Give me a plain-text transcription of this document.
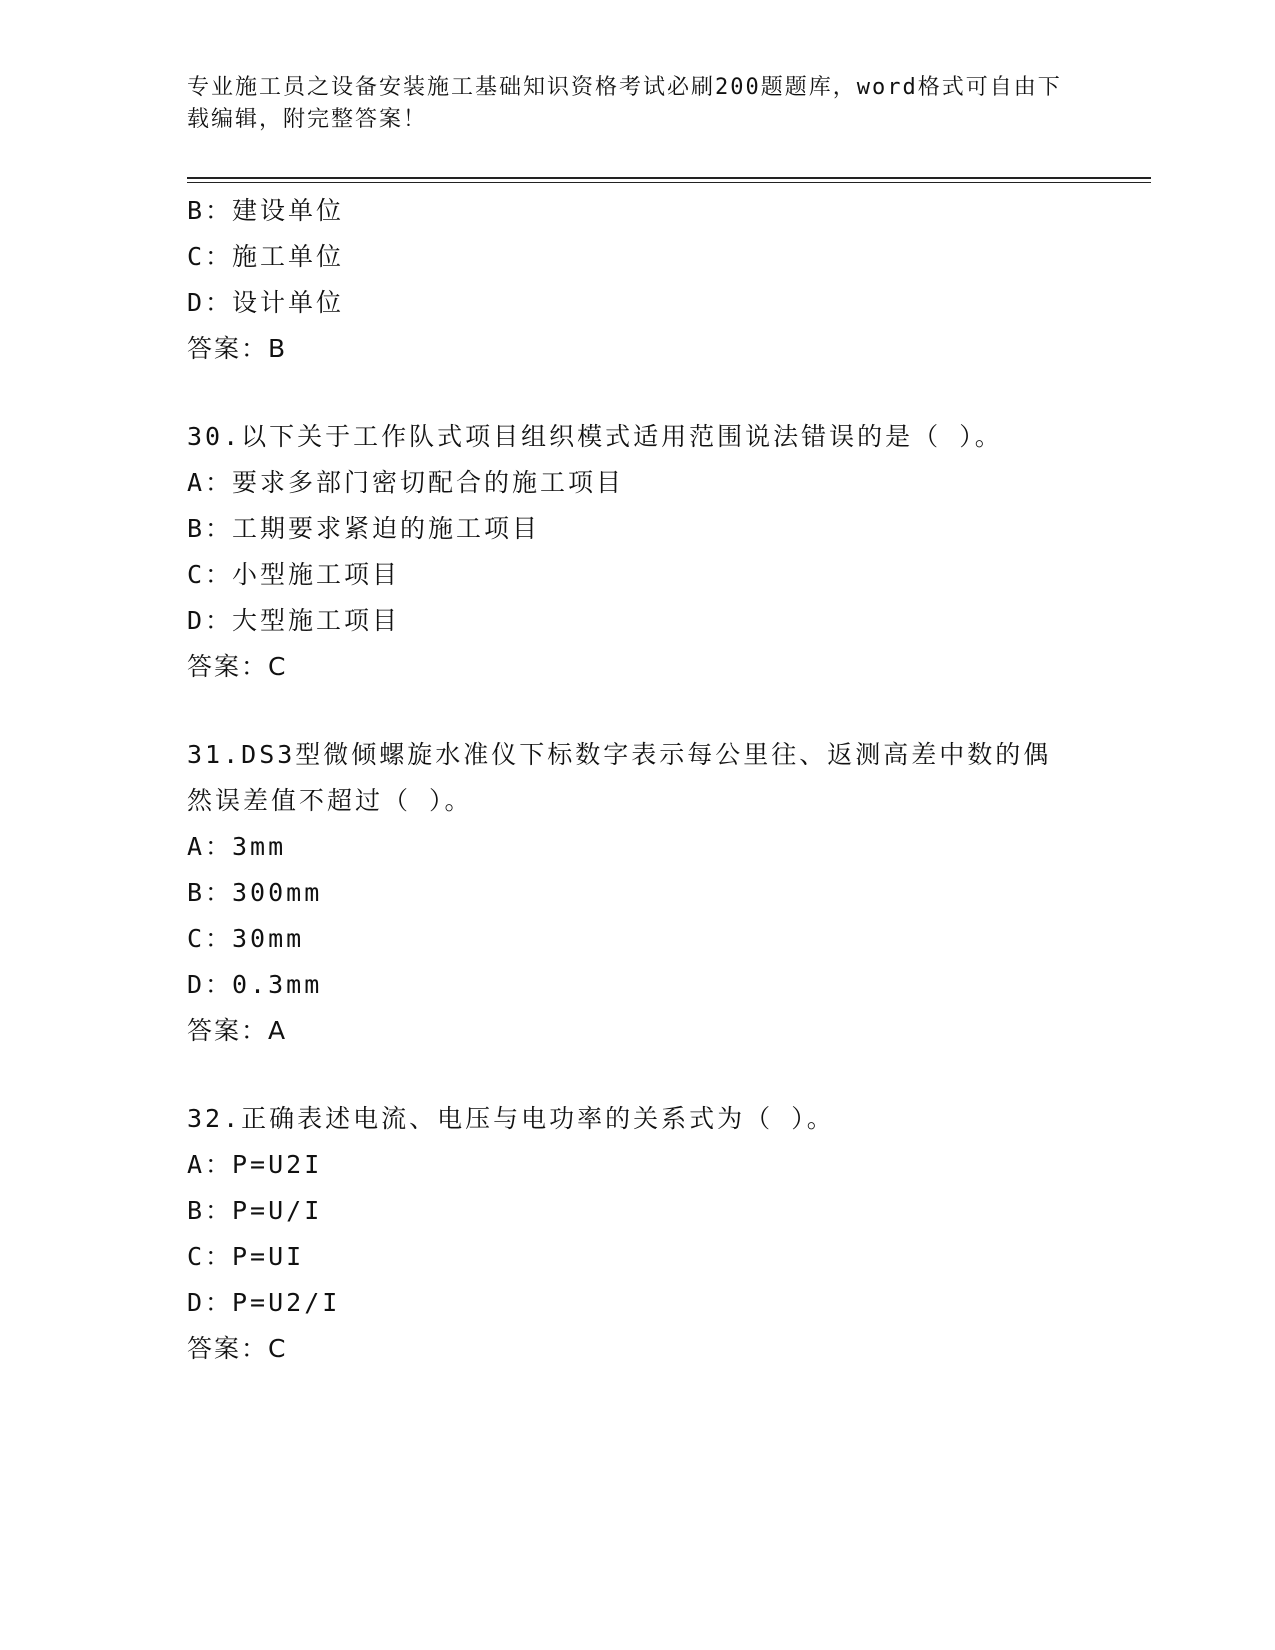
专业施工员之设备安装施工基础知识资格考试必刷200题题库，word格式可自由下载编辑，附完整答案！
B：建设单位
C：施工单位
D：设计单位
答案：B
30.以下关于工作队式项目组织模式适用范围说法错误的是（ ）。
A：要求多部门密切配合的施工项目
B：工期要求紧迫的施工项目
C：小型施工项目
D：大型施工项目
答案：C
31.DS3型微倾螺旋水准仪下标数字表示每公里往、返测高差中数的偶然误差值不超过（ ）。
A：3mm
B：300mm
C：30mm
D：0.3mm
答案：A
32.正确表述电流、电压与电功率的关系式为（ ）。
A：P=U2I
B：P=U/I
C：P=UI
D：P=U2/I
答案：C
